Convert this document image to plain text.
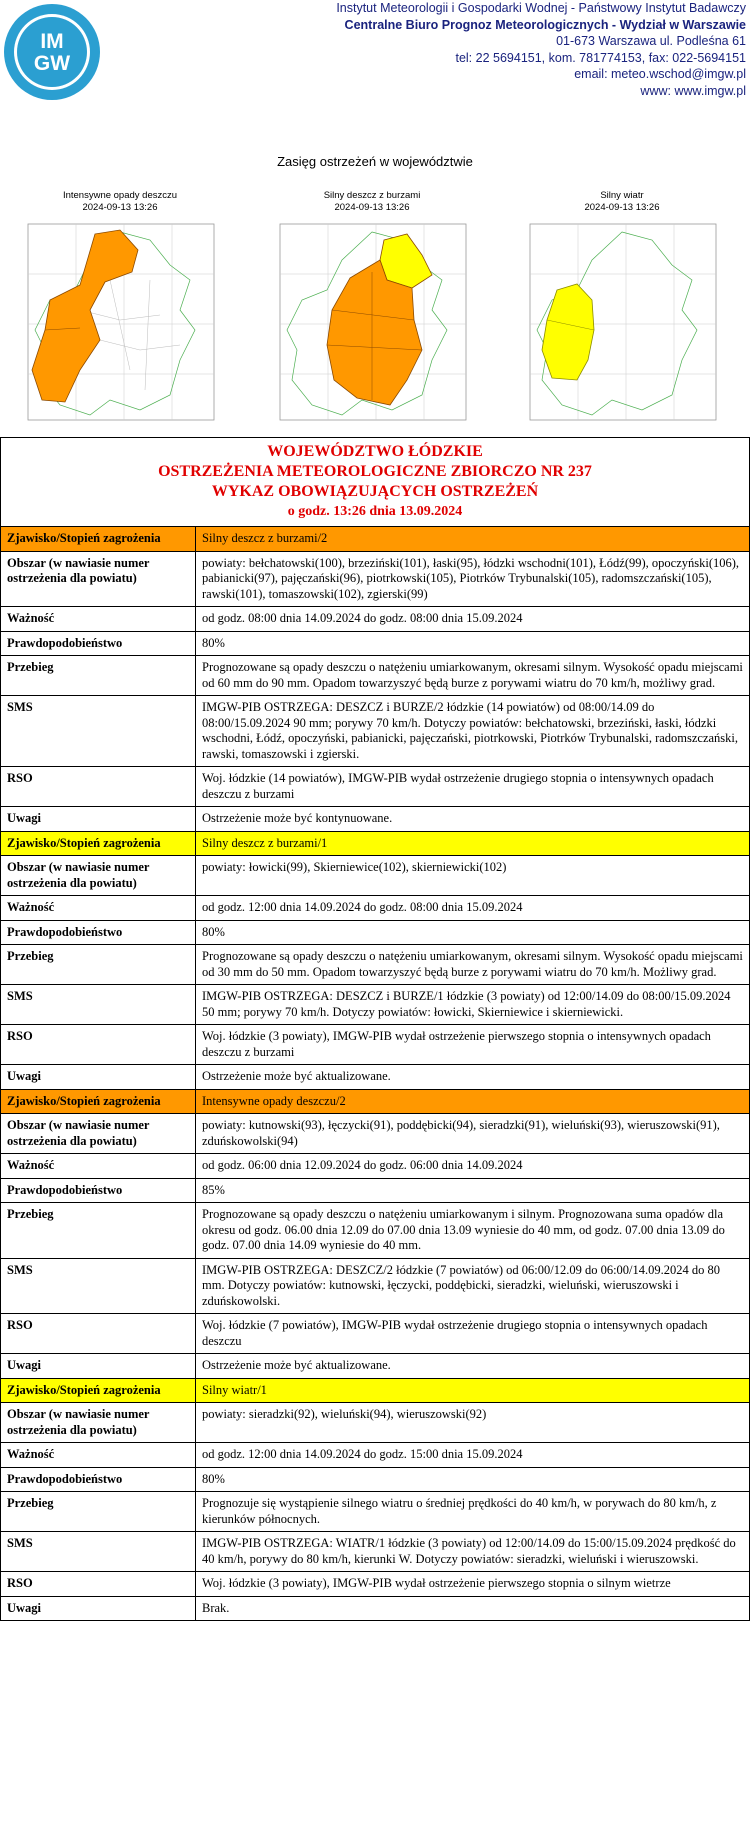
IM
GW
Instytut Meteorologii i Gospodarki Wodnej - Państwowy Instytut Badawczy
Centralne Biuro Prognoz Meteorologicznych - Wydział w Warszawie
01-673 Warszawa ul. Podleśna 61
tel: 22 5694151, kom. 781774153, fax: 022-5694151
email: meteo.wschod@imgw.pl
www: www.imgw.pl
Zasięg ostrzeżeń w województwie
Intensywne opady deszczu
2024-09-13 13:26
Silny deszcz z burzami
2024-09-13 13:26
Silny wiatr
2024-09-13 13:26
WOJEWÓDZTWO ŁÓDZKIE
OSTRZEŻENIA METEOROLOGICZNE ZBIORCZO NR 237
WYKAZ OBOWIĄZUJĄCYCH OSTRZEŻEŃ
o godz. 13:26 dnia 13.09.2024	

Zjawisko/Stopień zagrożenia	Silny deszcz z burzami/2
Obszar (w nawiasie numer ostrzeżenia dla powiatu)	powiaty: bełchatowski(100), brzeziński(101), łaski(95), łódzki wschodni(101), Łódź(99), opoczyński(106), pabianicki(97), pajęczański(96), piotrkowski(105), Piotrków Trybunalski(105), radomszczański(105), rawski(101), tomaszowski(102), zgierski(99)
Ważność	od godz. 08:00 dnia 14.09.2024 do godz. 08:00 dnia 15.09.2024
Prawdopodobieństwo	80%
Przebieg	Prognozowane są opady deszczu o natężeniu umiarkowanym, okresami silnym. Wysokość opadu miejscami od 60 mm do 90 mm. Opadom towarzyszyć będą burze z porywami wiatru do 70 km/h, możliwy grad.
SMS	IMGW-PIB OSTRZEGA: DESZCZ i BURZE/2 łódzkie (14 powiatów) od 08:00/14.09 do 08:00/15.09.2024 90 mm; porywy 70 km/h. Dotyczy powiatów: bełchatowski, brzeziński, łaski, łódzki wschodni, Łódź, opoczyński, pabianicki, pajęczański, piotrkowski, Piotrków Trybunalski, radomszczański, rawski, tomaszowski i zgierski.
RSO	Woj. łódzkie (14 powiatów), IMGW-PIB wydał ostrzeżenie drugiego stopnia o intensywnych opadach deszczu z burzami
Uwagi	Ostrzeżenie może być kontynuowane.
Zjawisko/Stopień zagrożenia	Silny deszcz z burzami/1
Obszar (w nawiasie numer ostrzeżenia dla powiatu)	powiaty: łowicki(99), Skierniewice(102), skierniewicki(102)
Ważność	od godz. 12:00 dnia 14.09.2024 do godz. 08:00 dnia 15.09.2024
Prawdopodobieństwo	80%
Przebieg	Prognozowane są opady deszczu o natężeniu umiarkowanym, okresami silnym. Wysokość opadu miejscami od 30 mm do 50 mm. Opadom towarzyszyć będą burze z porywami wiatru do 70 km/h. Możliwy grad.
SMS	IMGW-PIB OSTRZEGA: DESZCZ i BURZE/1 łódzkie (3 powiaty) od 12:00/14.09 do 08:00/15.09.2024 50 mm; porywy 70 km/h. Dotyczy powiatów: łowicki, Skierniewice i skierniewicki.
RSO	Woj. łódzkie (3 powiaty), IMGW-PIB wydał ostrzeżenie pierwszego stopnia o intensywnych opadach deszczu z burzami
Uwagi	Ostrzeżenie może być aktualizowane.
Zjawisko/Stopień zagrożenia	Intensywne opady deszczu/2
Obszar (w nawiasie numer ostrzeżenia dla powiatu)	powiaty: kutnowski(93), łęczycki(91), poddębicki(94), sieradzki(91), wieluński(93), wieruszowski(91), zduńskowolski(94)
Ważność	od godz. 06:00 dnia 12.09.2024 do godz. 06:00 dnia 14.09.2024
Prawdopodobieństwo	85%
Przebieg	Prognozowane są opady deszczu o natężeniu umiarkowanym i silnym. Prognozowana suma opadów dla okresu od godz. 06.00 dnia 12.09 do 07.00 dnia 13.09 wyniesie do 40 mm, od godz. 07.00 dnia 13.09 do godz. 07.00 dnia 14.09 wyniesie do 40 mm.
SMS	IMGW-PIB OSTRZEGA: DESZCZ/2 łódzkie (7 powiatów) od 06:00/12.09 do 06:00/14.09.2024 do 80 mm. Dotyczy powiatów: kutnowski, łęczycki, poddębicki, sieradzki, wieluński, wieruszowski i zduńskowolski.
RSO	Woj. łódzkie (7 powiatów), IMGW-PIB wydał ostrzeżenie drugiego stopnia o intensywnych opadach deszczu
Uwagi	Ostrzeżenie może być aktualizowane.
Zjawisko/Stopień zagrożenia	Silny wiatr/1
Obszar (w nawiasie numer ostrzeżenia dla powiatu)	powiaty: sieradzki(92), wieluński(94), wieruszowski(92)
Ważność	od godz. 12:00 dnia 14.09.2024 do godz. 15:00 dnia 15.09.2024
Prawdopodobieństwo	80%
Przebieg	Prognozuje się wystąpienie silnego wiatru o średniej prędkości do 40 km/h, w porywach do 80 km/h, z kierunków północnych.
SMS	IMGW-PIB OSTRZEGA: WIATR/1 łódzkie (3 powiaty) od 12:00/14.09 do 15:00/15.09.2024 prędkość do 40 km/h, porywy do 80 km/h, kierunki W. Dotyczy powiatów: sieradzki, wieluński i wieruszowski.
RSO	Woj. łódzkie (3 powiaty), IMGW-PIB wydał ostrzeżenie pierwszego stopnia o silnym wietrze
Uwagi	Brak.
